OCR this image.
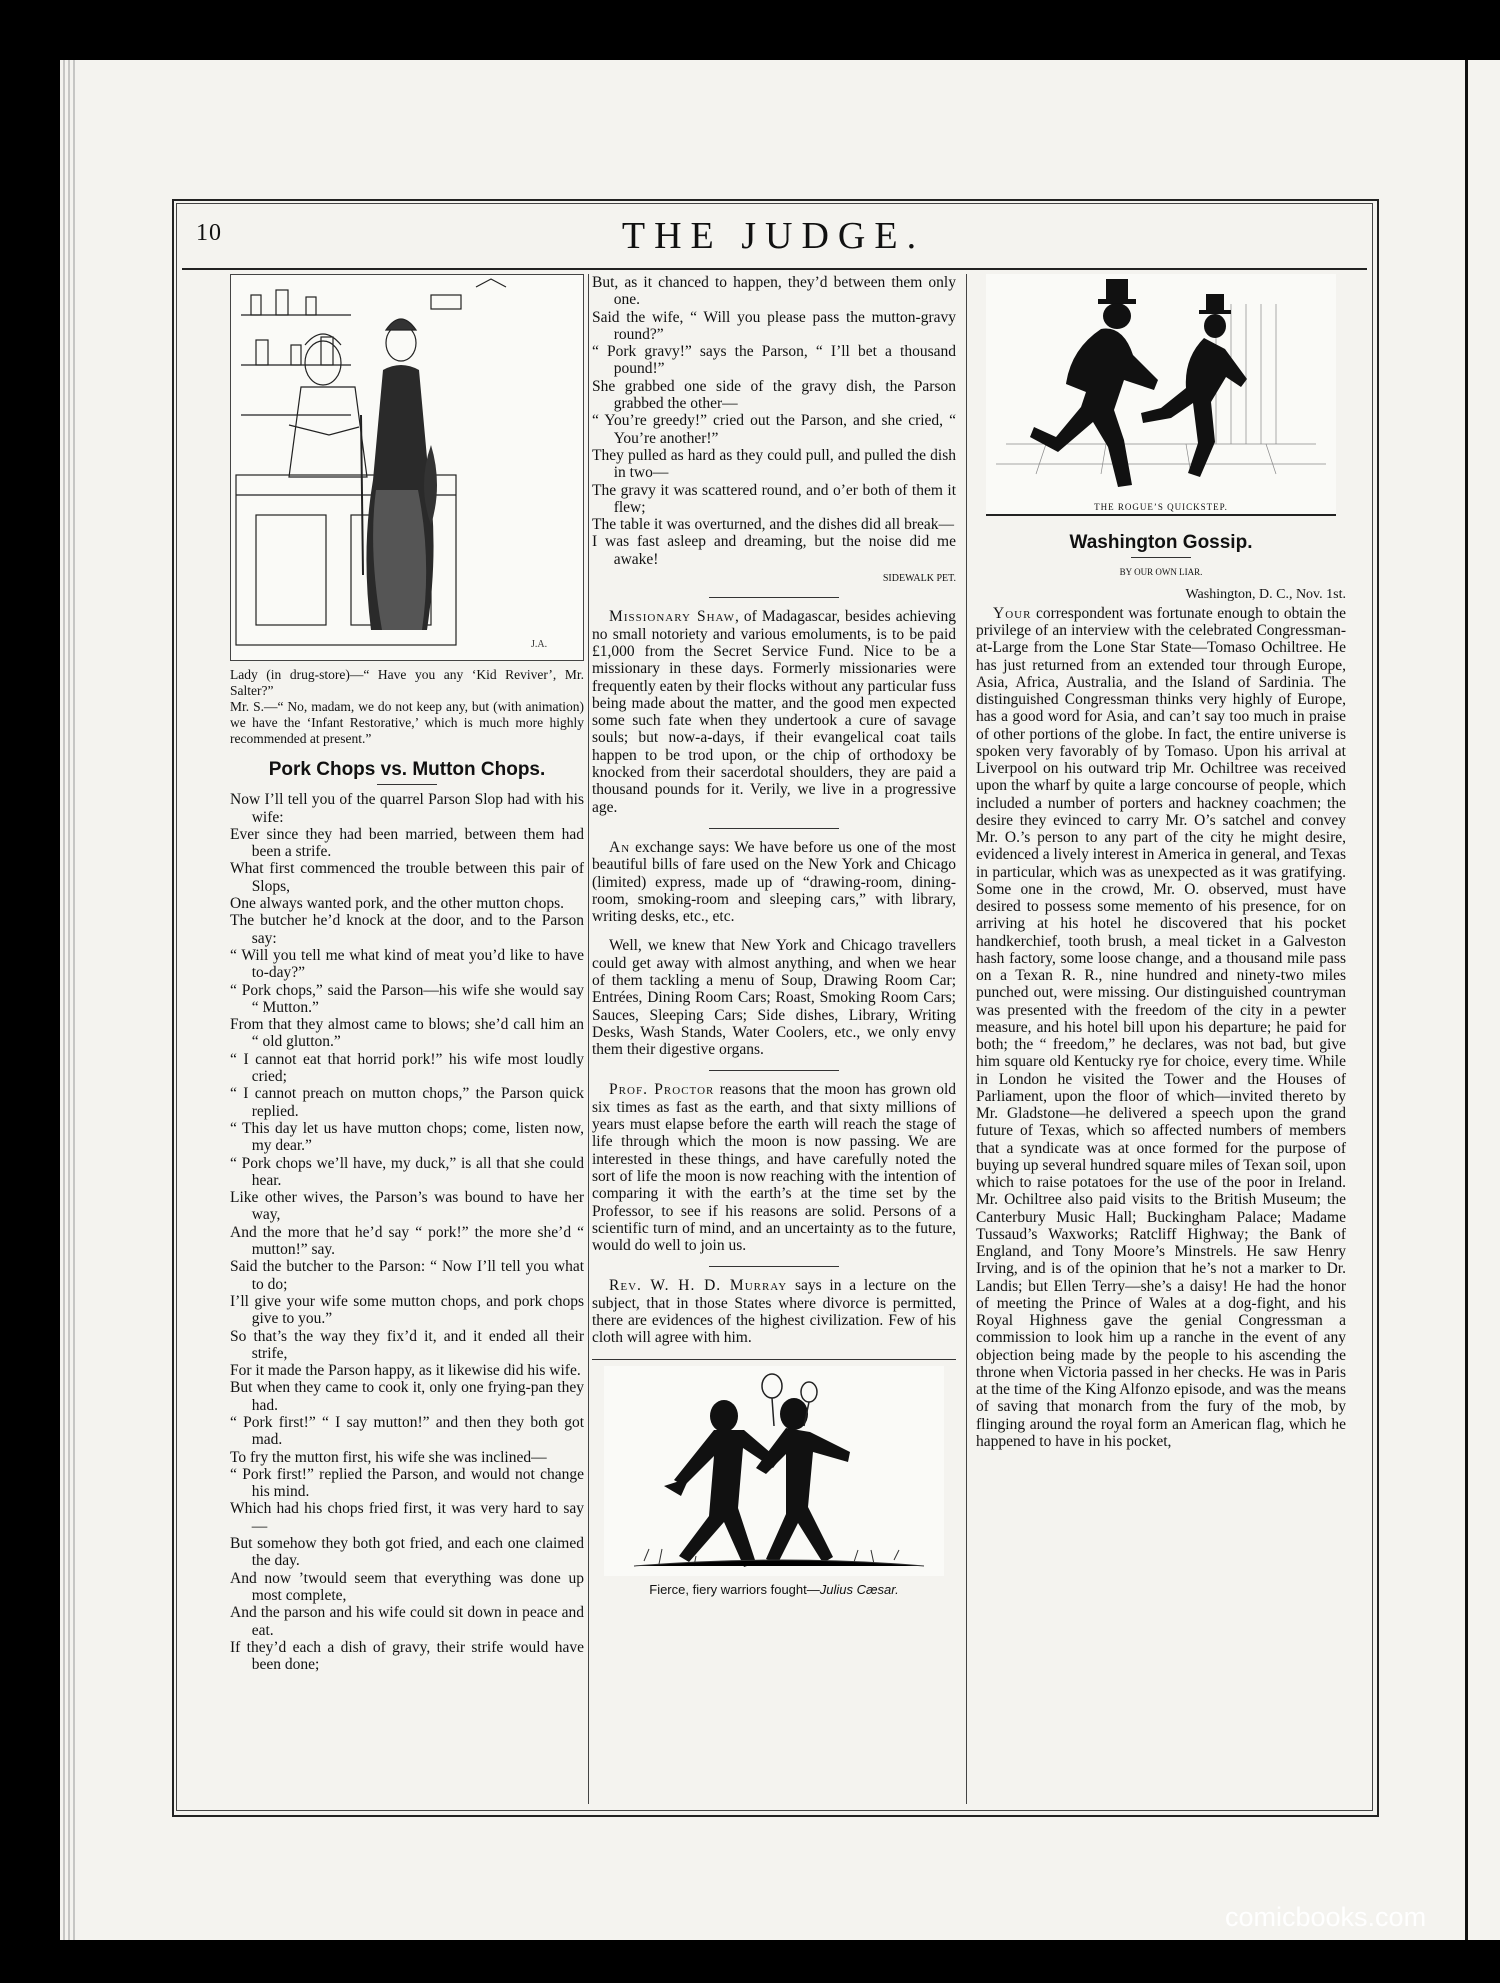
10	THE JUDGE.
J.A.
Lady (in drug-store)—“ Have you any ‘Kid Reviver’, Mr. Salter?”
Mr. S.—“ No, madam, we do not keep any, but (with animation) we have the ‘Infant Restorative,’ which is much more highly recommended at present.”
Pork Chops vs. Mutton Chops.

Now I’ll tell you of the quarrel Parson Slop had with his wife:

Ever since they had been married, between them had been a strife.

What first commenced the trouble between this pair of Slops,

One always wanted pork, and the other mutton chops.

The butcher he’d knock at the door, and to the Parson say:

“ Will you tell me what kind of meat you’d like to have to-day?”

“ Pork chops,” said the Parson—his wife she would say “ Mutton.”

From that they almost came to blows; she’d call him an “ old glutton.”

“ I cannot eat that horrid pork!” his wife most loudly cried;

“ I cannot preach on mutton chops,” the Parson quick replied.

“ This day let us have mutton chops; come, listen now, my dear.”

“ Pork chops we’ll have, my duck,” is all that she could hear.

Like other wives, the Parson’s was bound to have her way,

And the more that he’d say “ pork!” the more she’d “ mutton!” say.

Said the butcher to the Parson: “ Now I’ll tell you what to do;

I’ll give your wife some mutton chops, and pork chops give to you.”

So that’s the way they fix’d it, and it ended all their strife,

For it made the Parson happy, as it likewise did his wife.

But when they came to cook it, only one frying-pan they had.

“ Pork first!” “ I say mutton!” and then they both got mad.

To fry the mutton first, his wife she was inclined—

“ Pork first!” replied the Parson, and would not change his mind.

Which had his chops fried first, it was very hard to say—

But somehow they both got fried, and each one claimed the day.

And now ’twould seem that everything was done up most complete,

And the parson and his wife could sit down in peace and eat.

If they’d each a dish of gravy, their strife would have been done;

But, as it chanced to happen, they’d between them only one.

Said the wife, “ Will you please pass the mutton-gravy round?”

“ Pork gravy!” says the Parson, “ I’ll bet a thousand pound!”

She grabbed one side of the gravy dish, the Parson grabbed the other—

“ You’re greedy!” cried out the Parson, and she cried, “ You’re another!”

They pulled as hard as they could pull, and pulled the dish in two—

The gravy it was scattered round, and o’er both of them it flew;

The table it was overturned, and the dishes did all break—

I was fast asleep and dreaming, but the noise did me awake!

SIDEWALK PET.

Missionary Shaw, of Madagascar, besides achieving no small notoriety and various emoluments, is to be paid £1,000 from the Secret Service Fund. Nice to be a missionary in these days. Formerly missionaries were frequently eaten by their flocks without any particular fuss being made about the matter, and the good men expected some such fate when they undertook a cure of savage souls; but now-a-days, if their evangelical coat tails happen to be trod upon, or the chip of orthodoxy be knocked from their sacerdotal shoulders, they are paid a thousand pounds for it. Verily, we live in a progressive age.

An exchange says: We have before us one of the most beautiful bills of fare used on the New York and Chicago (limited) express, made up of “drawing-room, dining-room, smoking-room and sleeping cars,” with library, writing desks, etc., etc.

Well, we knew that New York and Chicago travellers could get away with almost anything, and when we hear of them tackling a menu of Soup, Drawing Room Car; Entrées, Dining Room Cars; Roast, Smoking Room Cars; Sauces, Sleeping Cars; Side dishes, Library, Writing Desks, Wash Stands, Water Coolers, etc., we only envy them their digestive organs.

Prof. Proctor reasons that the moon has grown old six times as fast as the earth, and that sixty millions of years must elapse before the earth will reach the stage of life through which the moon is now passing. We are interested in these things, and have carefully noted the sort of life the moon is now reaching with the intention of comparing it with the earth’s at the time set by the Professor, to see if his reasons are solid. Persons of a scientific turn of mind, and an uncertainty as to the future, would do well to join us.

Rev. W. H. D. Murray says in a lecture on the subject, that in those States where divorce is permitted, there are evidences of the highest civilization. Few of his cloth will agree with him.

Fierce, fiery warriors fought—Julius Cæsar.
THE ROGUE’S QUICKSTEP.
Washington Gossip.
BY OUR OWN LIAR.
Washington, D. C., Nov. 1st.

Your correspondent was fortunate enough to obtain the privilege of an interview with the celebrated Congressman-at-Large from the Lone Star State—Tomaso Ochiltree. He has just returned from an extended tour through Europe, Asia, Africa, Australia, and the Island of Sardinia. The distinguished Congressman thinks very highly of Europe, has a good word for Asia, and can’t say too much in praise of other portions of the globe. In fact, the entire universe is spoken very favorably of by Tomaso. Upon his arrival at Liverpool on his outward trip Mr. Ochiltree was received upon the wharf by quite a large concourse of people, which included a number of porters and hackney coachmen; the desire they evinced to carry Mr. O’s satchel and convey Mr. O.’s person to any part of the city he might desire, evidenced a lively interest in America in general, and Texas in particular, which was as unexpected as it was gratifying. Some one in the crowd, Mr. O. observed, must have desired to possess some memento of his presence, for on arriving at his hotel he discovered that his pocket handkerchief, tooth brush, a meal ticket in a Galveston hash factory, some loose change, and a thousand mile pass on a Texan R. R., nine hundred and ninety-two miles punched out, were missing. Our distinguished countryman was presented with the freedom of the city in a pewter measure, and his hotel bill upon his departure; he paid for both; the “ freedom,” he declares, was not bad, but give him square old Kentucky rye for choice, every time. While in London he visited the Tower and the Houses of Parliament, upon the floor of which—invited thereto by Mr. Gladstone—he delivered a speech upon the grand future of Texas, which so affected numbers of members that a syndicate was at once formed for the purpose of buying up several hundred square miles of Texan soil, upon which to raise potatoes for the use of the poor in Ireland. Mr. Ochiltree also paid visits to the British Museum; the Canterbury Music Hall; Buckingham Palace; Madame Tussaud’s Waxworks; Ratcliff Highway; the Bank of England, and Tony Moore’s Minstrels. He saw Henry Irving, and is of the opinion that he’s not a marker to Dr. Landis; but Ellen Terry—she’s a daisy! He had the honor of meeting the Prince of Wales at a dog-fight, and his Royal Highness gave the genial Congressman a commission to look him up a ranche in the event of any objection being made by the people to his ascending the throne when Victoria passed in her checks. He was in Paris at the time of the King Alfonzo episode, and was the means of saving that monarch from the fury of the mob, by flinging around the royal form an American flag, which he happened to have in his pocket,

comicbooks.com
